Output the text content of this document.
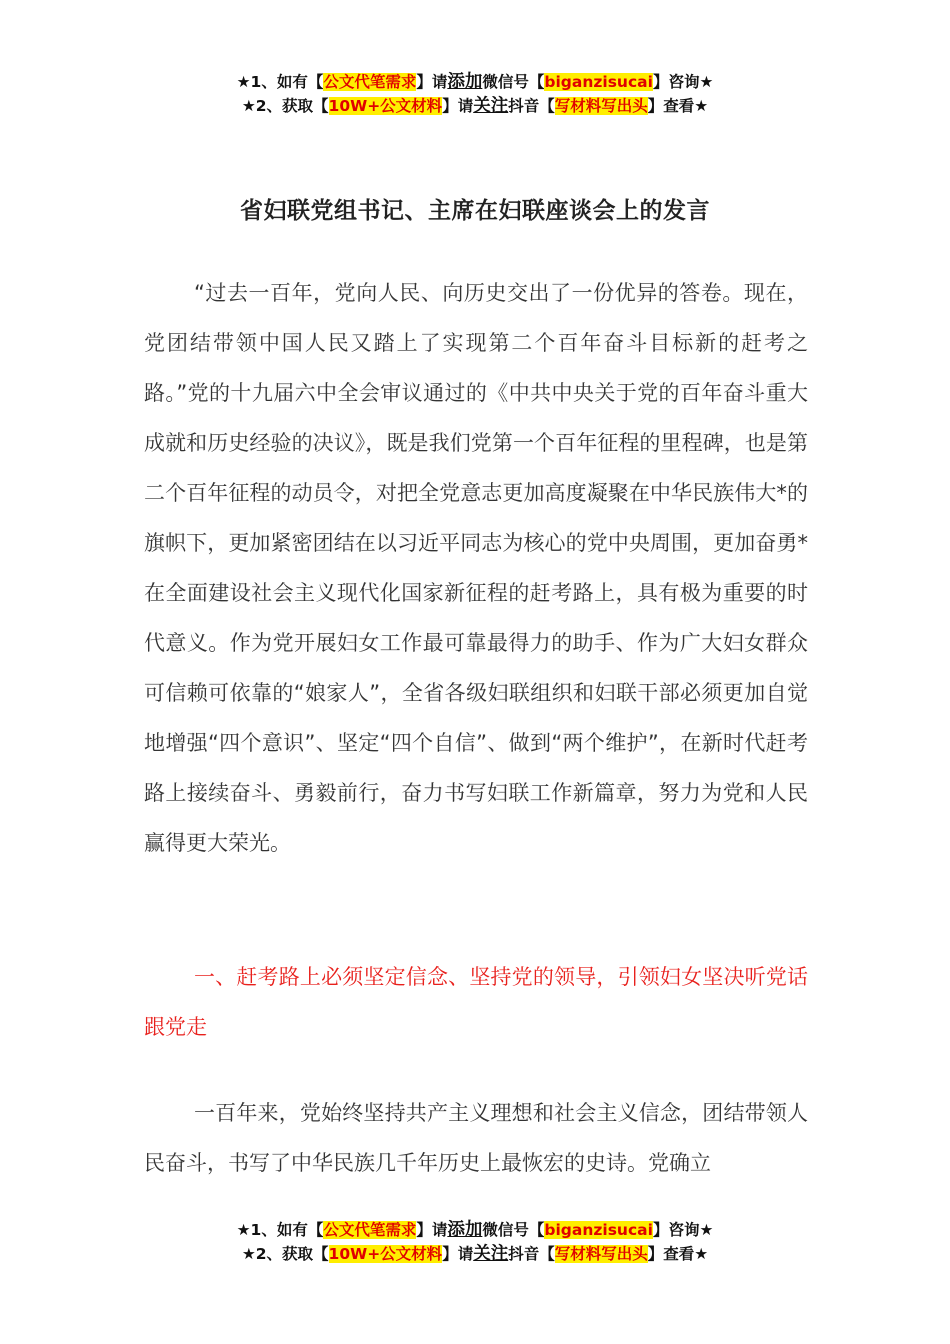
★1、如有【公文代笔需求】请添加微信号【biganzisucai】咨询★
★2、获取【10W+公文材料】请关注抖音【写材料写出头】查看★
省妇联党组书记、主席在妇联座谈会上的发言

“过去一百年，党向人民、向历史交出了一份优异的答卷。现在，党团结带领中国人民又踏上了实现第二个百年奋斗目标新的赶考之路。”党的十九届六中全会审议通过的《中共中央关于党的百年奋斗重大成就和历史经验的决议》，既是我们党第一个百年征程的里程碑，也是第二个百年征程的动员令，对把全党意志更加高度凝聚在中华民族伟大*的旗帜下，更加紧密团结在以习近平同志为核心的党中央周围，更加奋勇*在全面建设社会主义现代化国家新征程的赶考路上，具有极为重要的时代意义。作为党开展妇女工作最可靠最得力的助手、作为广大妇女群众可信赖可依靠的“娘家人”，全省各级妇联组织和妇联干部必须更加自觉地增强“四个意识”、坚定“四个自信”、做到“两个维护”，在新时代赶考路上接续奋斗、勇毅前行，奋力书写妇联工作新篇章，努力为党和人民赢得更大荣光。

一、赶考路上必须坚定信念、坚持党的领导，引领妇女坚决听党话跟党走

一百年来，党始终坚持共产主义理想和社会主义信念，团结带领人民奋斗，书写了中华民族几千年历史上最恢宏的史诗。党确立

★1、如有【公文代笔需求】请添加微信号【biganzisucai】咨询★
★2、获取【10W+公文材料】请关注抖音【写材料写出头】查看★
